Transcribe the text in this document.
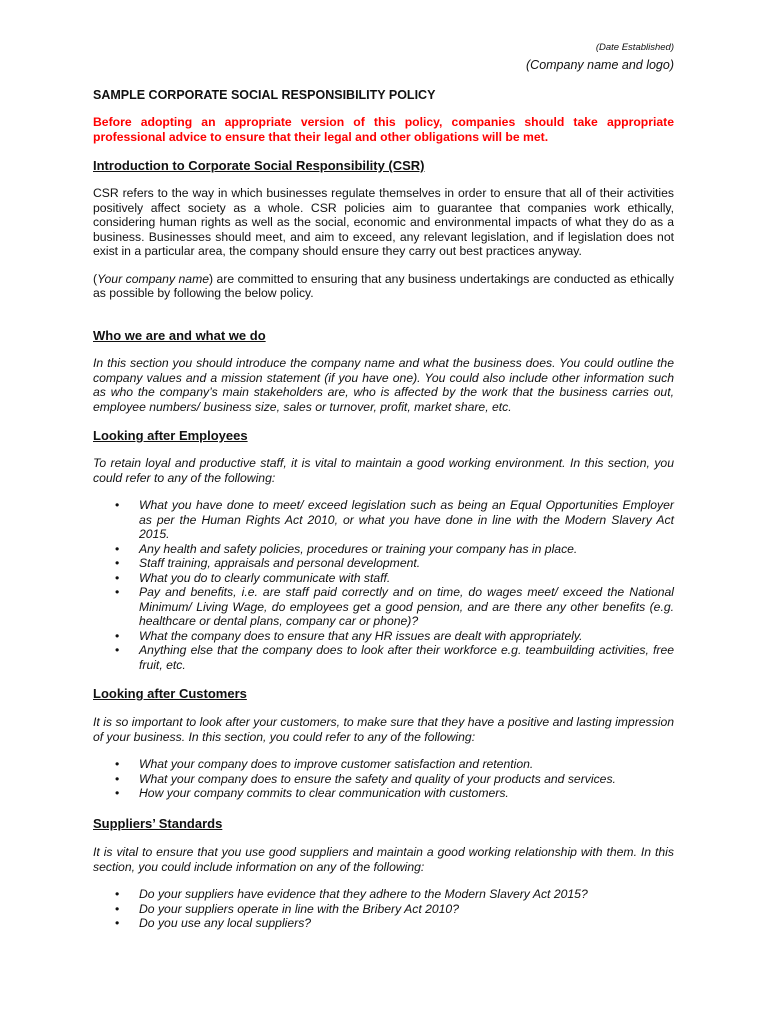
(Date Established)
(Company name and logo)
SAMPLE CORPORATE SOCIAL RESPONSIBILITY POLICY
Before adopting an appropriate version of this policy, companies should take appropriate professional advice to ensure that their legal and other obligations will be met.
Introduction to Corporate Social Responsibility (CSR)

CSR refers to the way in which businesses regulate themselves in order to ensure that all of their activities positively affect society as a whole. CSR policies aim to guarantee that companies work ethically, considering human rights as well as the social, economic and environmental impacts of what they do as a business. Businesses should meet, and aim to exceed, any relevant legislation, and if legislation does not exist in a particular area, the company should ensure they carry out best practices anyway.

(Your company name) are committed to ensuring that any business undertakings are conducted as ethically as possible by following the below policy.

Who we are and what we do

In this section you should introduce the company name and what the business does. You could outline the company values and a mission statement (if you have one). You could also include other information such as who the company’s main stakeholders are, who is affected by the work that the business carries out, employee numbers/ business size, sales or turnover, profit, market share, etc.

Looking after Employees

To retain loyal and productive staff, it is vital to maintain a good working environment. In this section, you could refer to any of the following:

• What you have done to meet/ exceed legislation such as being an Equal Opportunities Employer as per the Human Rights Act 2010, or what you have done in line with the Modern Slavery Act 2015.
• Any health and safety policies, procedures or training your company has in place.
• Staff training, appraisals and personal development.
• What you do to clearly communicate with staff.
• Pay and benefits, i.e. are staff paid correctly and on time, do wages meet/ exceed the National Minimum/ Living Wage, do employees get a good pension, and are there any other benefits (e.g. healthcare or dental plans, company car or phone)?
• What the company does to ensure that any HR issues are dealt with appropriately.
• Anything else that the company does to look after their workforce e.g. teambuilding activities, free fruit, etc.
Looking after Customers

It is so important to look after your customers, to make sure that they have a positive and lasting impression of your business. In this section, you could refer to any of the following:

• What your company does to improve customer satisfaction and retention.
• What your company does to ensure the safety and quality of your products and services.
• How your company commits to clear communication with customers.
Suppliers’ Standards

It is vital to ensure that you use good suppliers and maintain a good working relationship with them. In this section, you could include information on any of the following:

• Do your suppliers have evidence that they adhere to the Modern Slavery Act 2015?
• Do your suppliers operate in line with the Bribery Act 2010?
• Do you use any local suppliers?
